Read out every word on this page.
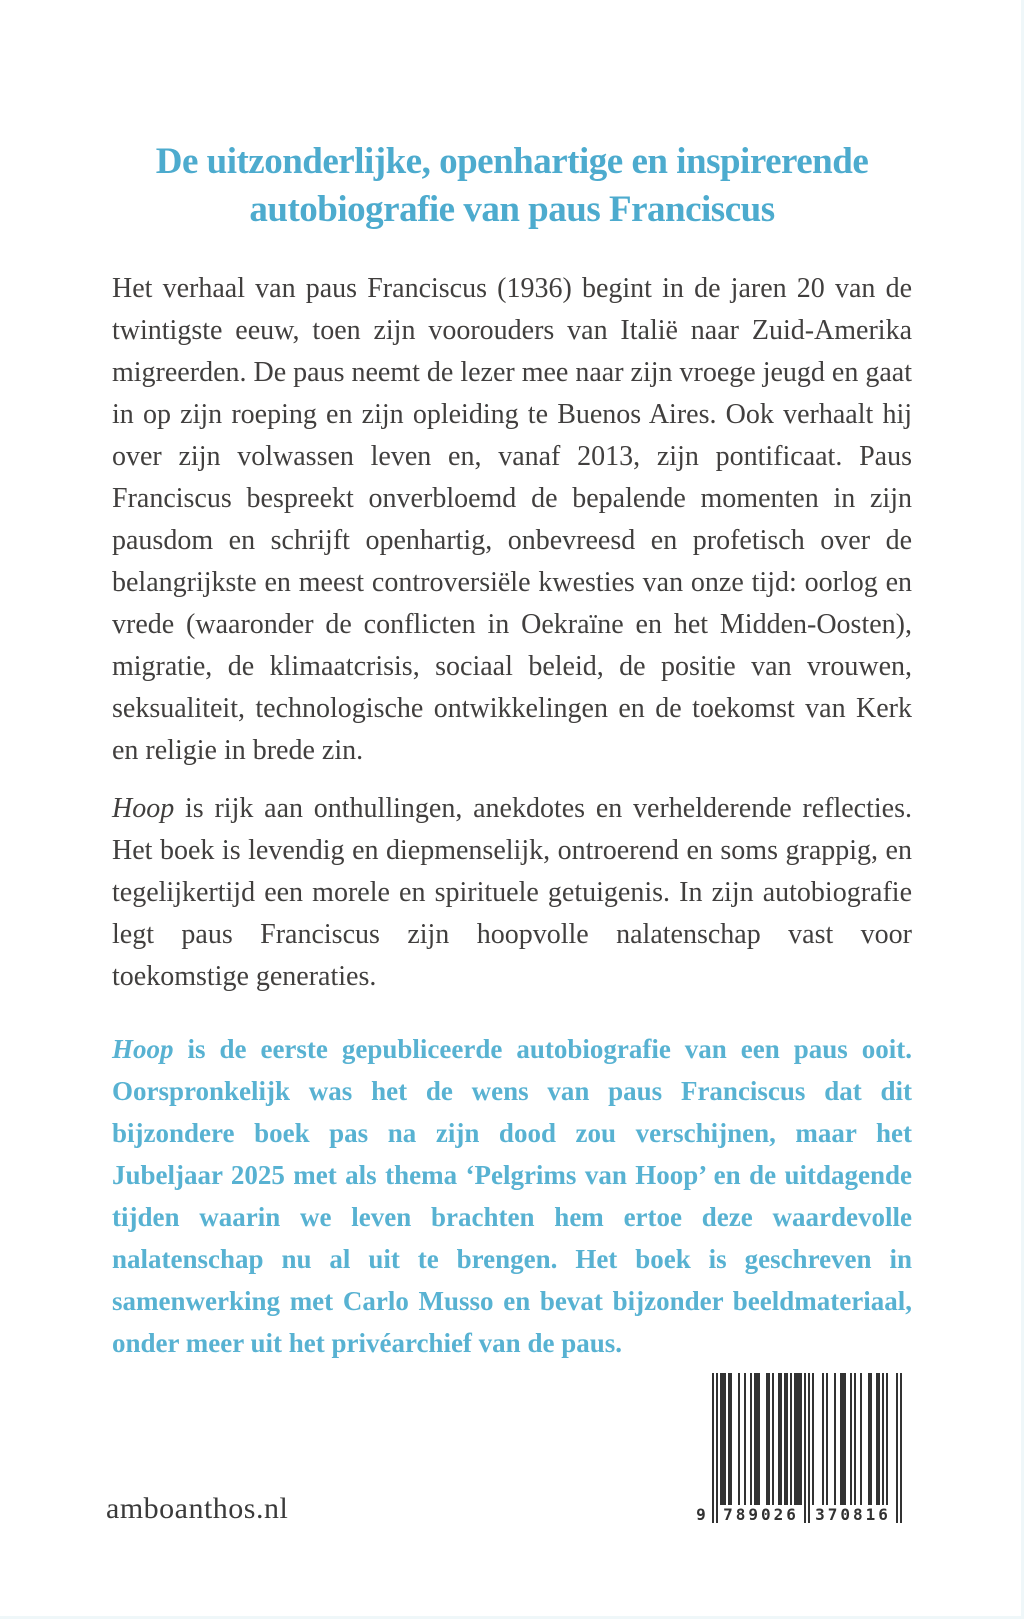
De uitzonderlijke, openhartige en inspirerende
autobiografie van paus Franciscus

Het verhaal van paus Franciscus (1936) begint in de jaren 20 van de twintigste eeuw, toen zijn voorouders van Italië naar Zuid-Amerika migreerden. De paus neemt de lezer mee naar zijn vroege jeugd en gaat in op zijn roeping en zijn opleiding te Buenos Aires. Ook verhaalt hij over zijn volwassen leven en, vanaf 2013, zijn pontificaat. Paus Franciscus bespreekt onverbloemd de bepalende momenten in zijn pausdom en schrijft openhartig, onbevreesd en profetisch over de belangrijkste en meest controversiële kwesties van onze tijd: oorlog en vrede (waaronder de conflicten in Oekraïne en het Midden-Oosten), migratie, de klimaatcrisis, sociaal beleid, de positie van vrouwen, seksualiteit, technologische ontwikkelingen en de toekomst van Kerk en religie in brede zin.

Hoop is rijk aan onthullingen, anekdotes en verhelderende reflecties. Het boek is levendig en diepmenselijk, ontroerend en soms grappig, en tegelijkertijd een morele en spirituele getuigenis. In zijn autobiografie legt paus Franciscus zijn hoopvolle nalatenschap vast voor toekomstige generaties.

Hoop is de eerste gepubliceerde autobiografie van een paus ooit. Oorspronkelijk was het de wens van paus Franciscus dat dit bijzondere boek pas na zijn dood zou verschijnen, maar het Jubeljaar 2025 met als thema ‘Pelgrims van Hoop’ en de uitdagende tijden waarin we leven brachten hem ertoe deze waardevolle nalatenschap nu al uit te brengen. Het boek is geschreven in samenwerking met Carlo Musso en bevat bijzonder beeldmateriaal, onder meer uit het privéarchief van de paus.

amboanthos.nl	9 789026 370816
